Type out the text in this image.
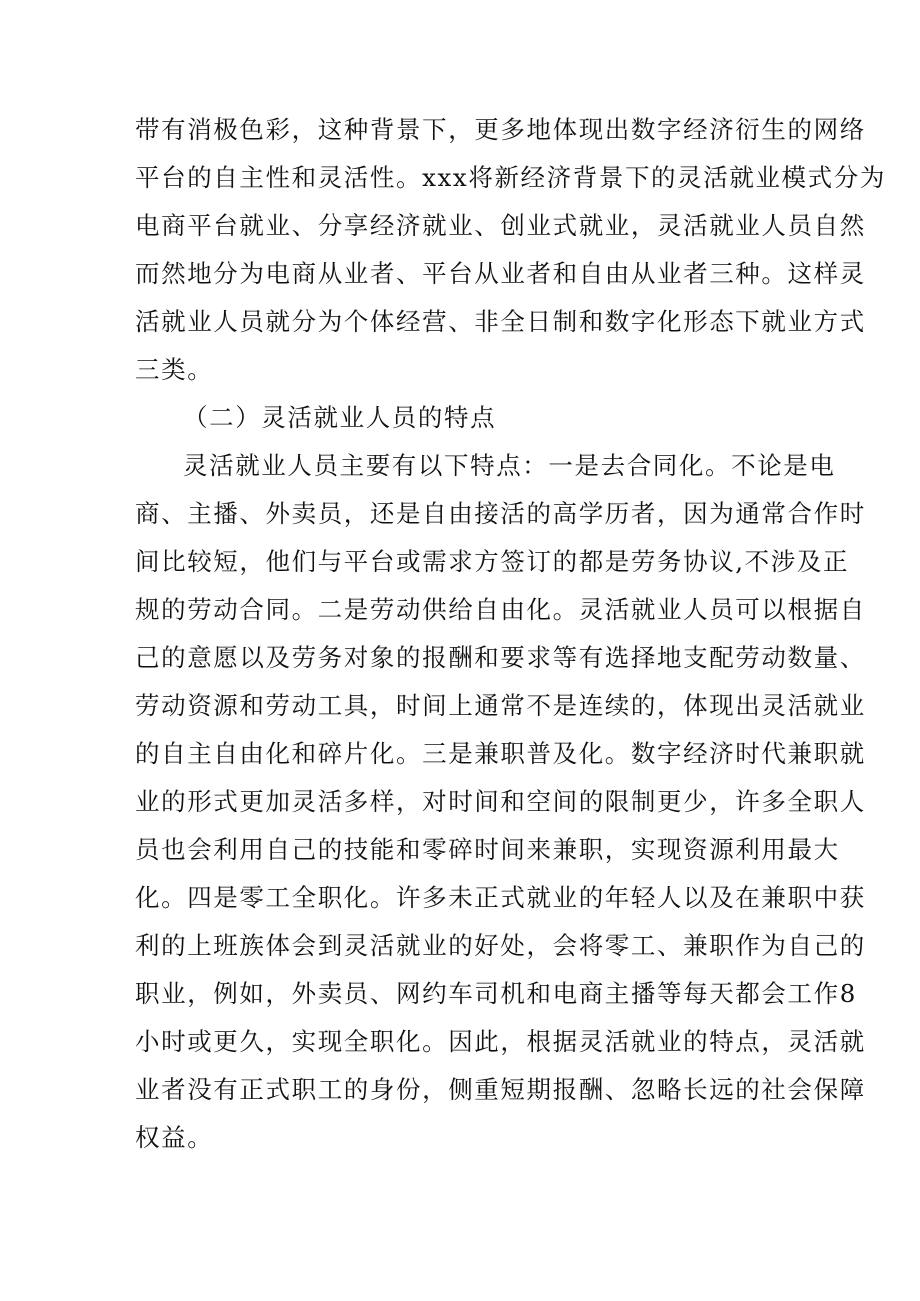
带有消极色彩，这种背景下，更多地体现出数字经济衍生的网络
平台的自主性和灵活性。xxx将新经济背景下的灵活就业模式分为
电商平台就业、分享经济就业、创业式就业，灵活就业人员自然
而然地分为电商从业者、平台从业者和自由从业者三种。这样灵
活就业人员就分为个体经营、非全日制和数字化形态下就业方式
三类。
（二）灵活就业人员的特点
灵活就业人员主要有以下特点：一是去合同化。不论是电
商、主播、外卖员，还是自由接活的高学历者，因为通常合作时
间比较短，他们与平台或需求方签订的都是劳务协议,不涉及正
规的劳动合同。二是劳动供给自由化。灵活就业人员可以根据自
己的意愿以及劳务对象的报酬和要求等有选择地支配劳动数量、
劳动资源和劳动工具，时间上通常不是连续的，体现出灵活就业
的自主自由化和碎片化。三是兼职普及化。数字经济时代兼职就
业的形式更加灵活多样，对时间和空间的限制更少，许多全职人
员也会利用自己的技能和零碎时间来兼职，实现资源利用最大
化。四是零工全职化。许多未正式就业的年轻人以及在兼职中获
利的上班族体会到灵活就业的好处，会将零工、兼职作为自己的
职业，例如，外卖员、网约车司机和电商主播等每天都会工作8
小时或更久，实现全职化。因此，根据灵活就业的特点，灵活就
业者没有正式职工的身份，侧重短期报酬、忽略长远的社会保障
权益。
